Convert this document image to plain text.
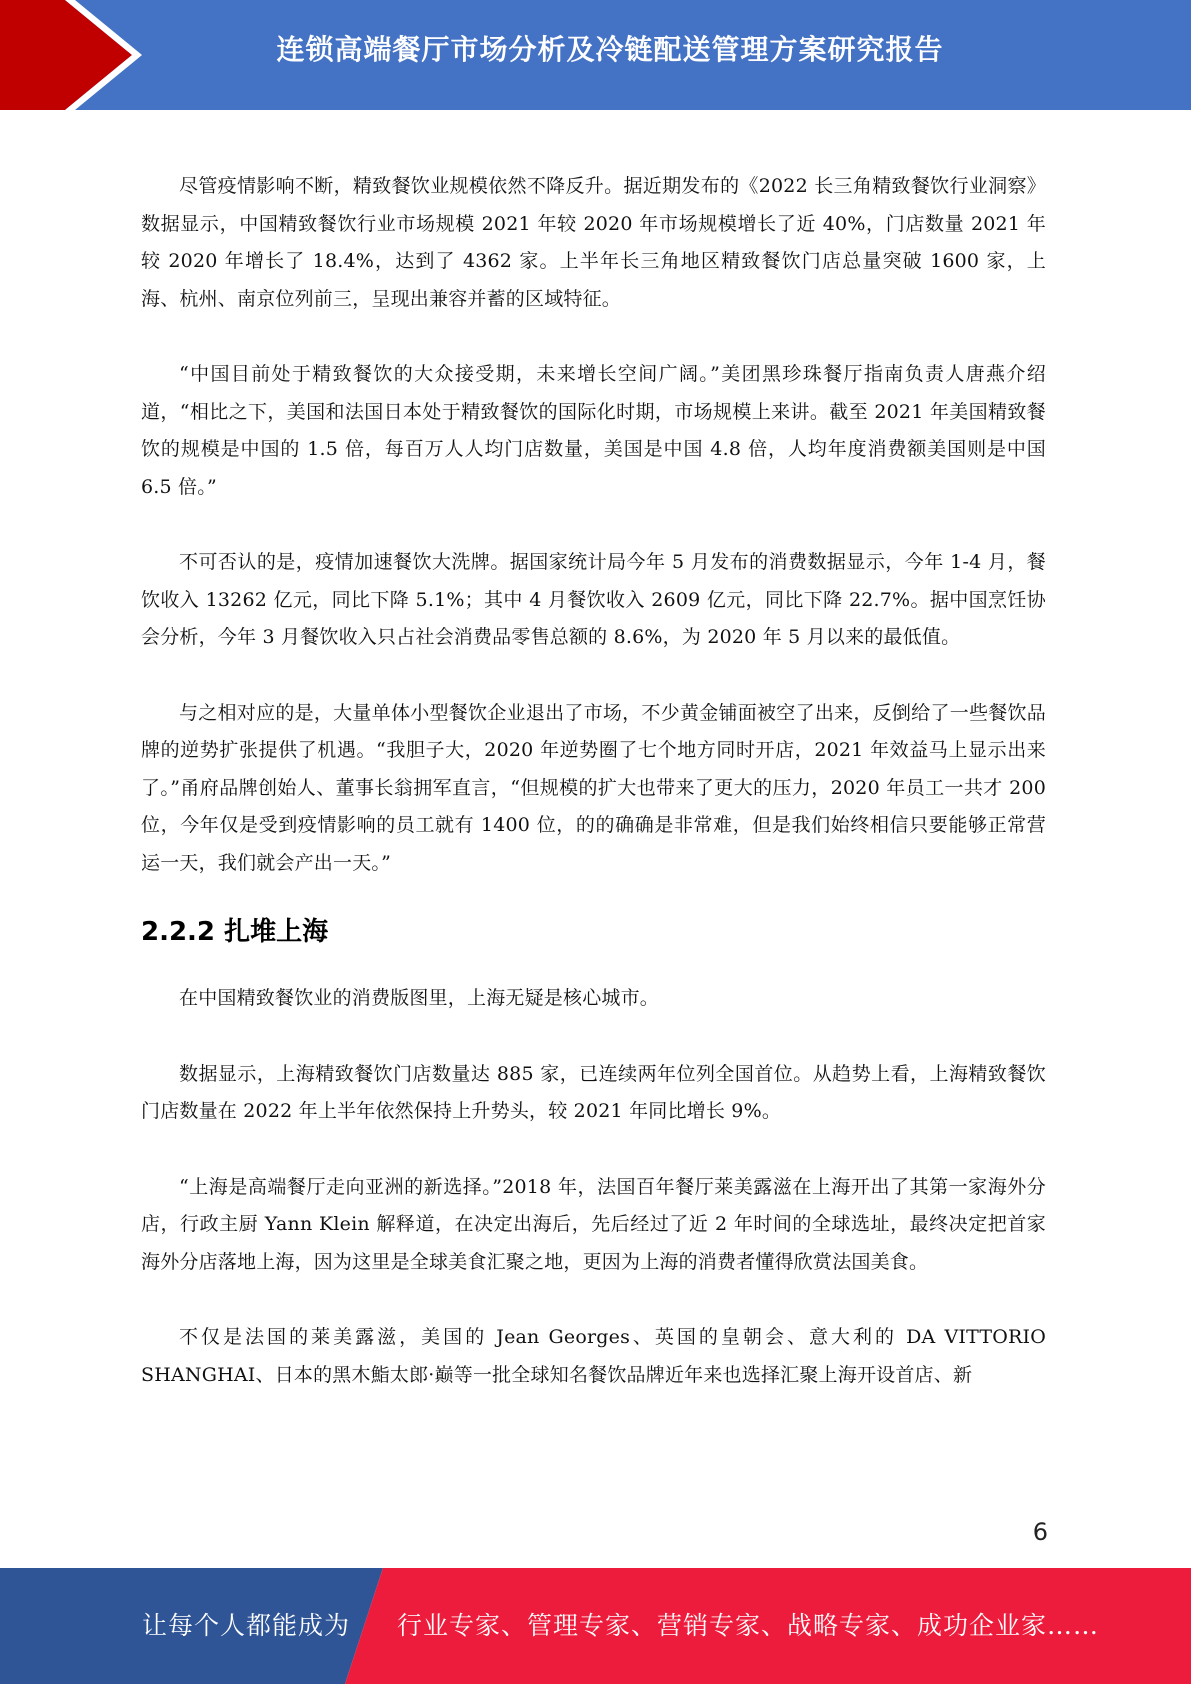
连锁高端餐厅市场分析及冷链配送管理方案研究报告

尽管疫情影响不断，精致餐饮业规模依然不降反升。据近期发布的《2022 长三角精致餐饮行业洞察》数据显示，中国精致餐饮行业市场规模 2021 年较 2020 年市场规模增长了近 40%，门店数量 2021 年较 2020 年增长了 18.4%，达到了 4362 家。上半年长三角地区精致餐饮门店总量突破 1600 家，上海、杭州、南京位列前三，呈现出兼容并蓄的区域特征。

“中国目前处于精致餐饮的大众接受期，未来增长空间广阔。”美团黑珍珠餐厅指南负责人唐燕介绍道，“相比之下，美国和法国日本处于精致餐饮的国际化时期，市场规模上来讲。截至 2021 年美国精致餐饮的规模是中国的 1.5 倍，每百万人人均门店数量，美国是中国 4.8 倍，人均年度消费额美国则是中国 6.5 倍。”

不可否认的是，疫情加速餐饮大洗牌。据国家统计局今年 5 月发布的消费数据显示，今年 1-4 月，餐饮收入 13262 亿元，同比下降 5.1%；其中 4 月餐饮收入 2609 亿元，同比下降 22.7%。据中国烹饪协会分析，今年 3 月餐饮收入只占社会消费品零售总额的 8.6%，为 2020 年 5 月以来的最低值。

与之相对应的是，大量单体小型餐饮企业退出了市场，不少黄金铺面被空了出来，反倒给了一些餐饮品牌的逆势扩张提供了机遇。“我胆子大，2020 年逆势圈了七个地方同时开店，2021 年效益马上显示出来了。”甬府品牌创始人、董事长翁拥军直言，“但规模的扩大也带来了更大的压力，2020 年员工一共才 200 位，今年仅是受到疫情影响的员工就有 1400 位，的的确确是非常难，但是我们始终相信只要能够正常营运一天，我们就会产出一天。”

2.2.2 扎堆上海

在中国精致餐饮业的消费版图里，上海无疑是核心城市。

数据显示，上海精致餐饮门店数量达 885 家，已连续两年位列全国首位。从趋势上看，上海精致餐饮门店数量在 2022 年上半年依然保持上升势头，较 2021 年同比增长 9%。

“上海是高端餐厅走向亚洲的新选择。”2018 年，法国百年餐厅莱美露滋在上海开出了其第一家海外分店，行政主厨 Yann Klein 解释道，在决定出海后，先后经过了近 2 年时间的全球选址，最终决定把首家海外分店落地上海，因为这里是全球美食汇聚之地，更因为上海的消费者懂得欣赏法国美食。

不仅是法国的莱美露滋，美国的 Jean Georges、英国的皇朝会、意大利的 DA VITTORIO SHANGHAI、日本的黑木鮨太郎·巅等一批全球知名餐饮品牌近年来也选择汇聚上海开设首店、新

6
让每个人都能成为 行业专家、管理专家、营销专家、战略专家、成功企业家……
